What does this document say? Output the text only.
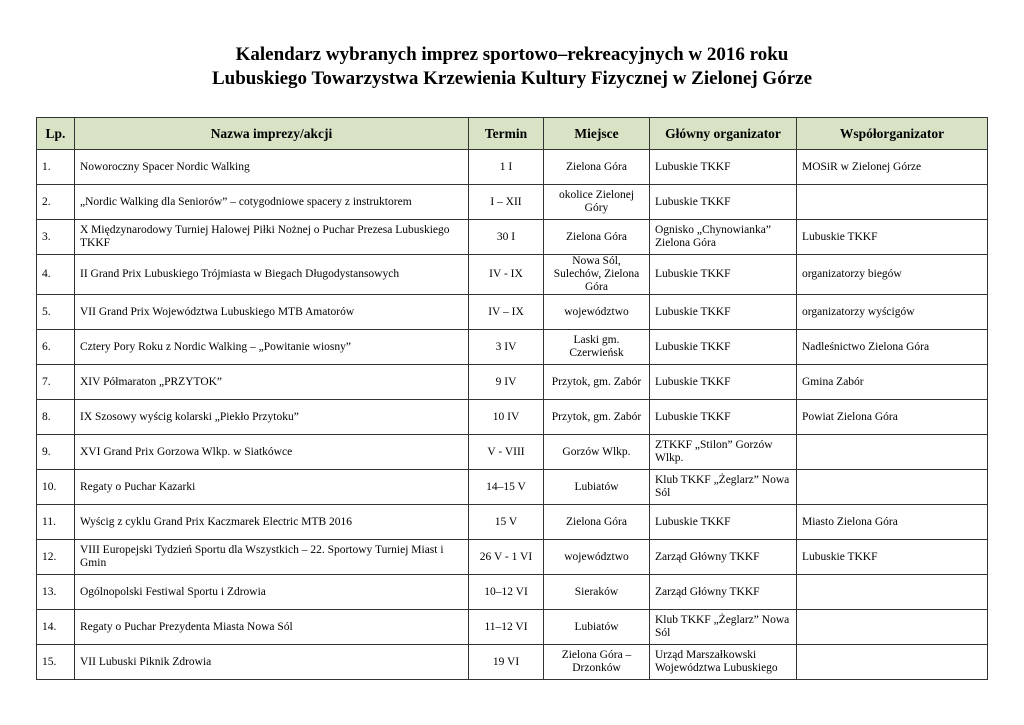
Kalendarz wybranych imprez sportowo–rekreacyjnych w 2016 roku
Lubuskiego Towarzystwa Krzewienia Kultury Fizycznej w Zielonej Górze
Lp.	Nazwa imprezy/akcji	Termin	Miejsce	Główny organizator	Współorganizator
1.	Noworoczny Spacer Nordic Walking	1 I	Zielona Góra	Lubuskie TKKF	MOSiR w Zielonej Górze
2.	„Nordic Walking dla Seniorów” – cotygodniowe spacery z instruktorem	I – XII	okolice Zielonej Góry	Lubuskie TKKF	
3.	X Międzynarodowy Turniej Halowej Piłki Nożnej o Puchar Prezesa Lubuskiego TKKF	30 I	Zielona Góra	Ognisko „Chynowianka” Zielona Góra	Lubuskie TKKF
4.	II Grand Prix Lubuskiego Trójmiasta w Biegach Długodystansowych	IV - IX	Nowa Sól, Sulechów, Zielona Góra	Lubuskie TKKF	organizatorzy biegów
5.	VII Grand Prix Województwa Lubuskiego MTB Amatorów	IV – IX	województwo	Lubuskie TKKF	organizatorzy wyścigów
6.	Cztery Pory Roku z Nordic Walking – „Powitanie wiosny”	3 IV	Laski gm. Czerwieńsk	Lubuskie TKKF	Nadleśnictwo Zielona Góra
7.	XIV Półmaraton „PRZYTOK”	9 IV	Przytok, gm. Zabór	Lubuskie TKKF	Gmina Zabór
8.	IX Szosowy wyścig kolarski „Piekło Przytoku”	10 IV	Przytok, gm. Zabór	Lubuskie TKKF	Powiat Zielona Góra
9.	XVI Grand Prix Gorzowa Wlkp. w Siatkówce	V - VIII	Gorzów Wlkp.	ZTKKF „Stilon” Gorzów Wlkp.	
10.	Regaty o Puchar Kazarki	14–15 V	Lubiatów	Klub TKKF „Żeglarz” Nowa Sól	
11.	Wyścig z cyklu Grand Prix Kaczmarek Electric MTB 2016	15 V	Zielona Góra	Lubuskie TKKF	Miasto Zielona Góra
12.	VIII Europejski Tydzień Sportu dla Wszystkich – 22. Sportowy Turniej Miast i Gmin	26 V - 1 VI	województwo	Zarząd Główny TKKF	Lubuskie TKKF
13.	Ogólnopolski Festiwal Sportu i Zdrowia	10–12 VI	Sieraków	Zarząd Główny TKKF	
14.	Regaty o Puchar Prezydenta Miasta Nowa Sól	11–12 VI	Lubiatów	Klub TKKF „Żeglarz” Nowa Sól	
15.	VII Lubuski Piknik Zdrowia	19 VI	Zielona Góra – Drzonków	Urząd Marszałkowski Województwa Lubuskiego	
